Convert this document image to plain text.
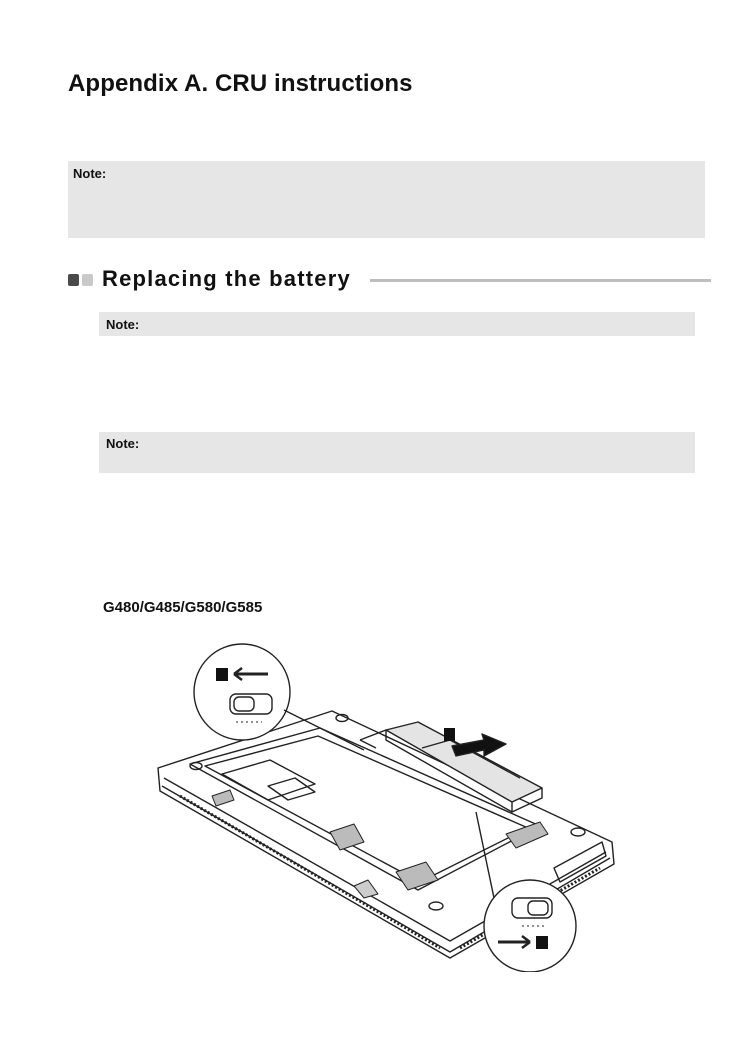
Appendix A. CRU instructions
Note:
Replacing the battery
Note:
Note:

G480/G485/G580/G585
